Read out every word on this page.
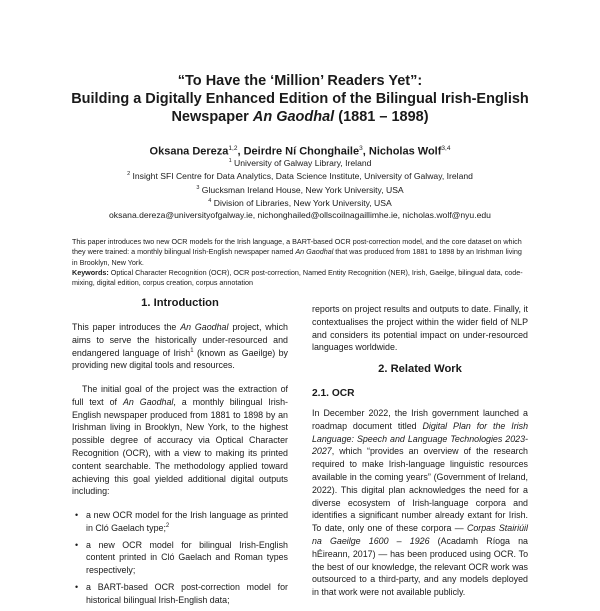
“To Have the ‘Million’ Readers Yet”:
Building a Digitally Enhanced Edition of the Bilingual Irish-English
Newspaper An Gaodhal (1881 – 1898)
Oksana Dereza$^{1,2}$, Deirdre Ní Chonghaile$^3$, Nicholas Wolf$^{3,4}$
$^1$ University of Galway Library, Ireland
$^2$ Insight SFI Centre for Data Analytics, Data Science Institute, University of Galway, Ireland
$^3$ Glucksman Ireland House, New York University, USA
$^4$ Division of Libraries, New York University, USA
oksana.dereza@universityofgalway.ie, nichonghailed@ollscoilnagaillimhe.ie, nicholas.wolf@nyu.edu
This paper introduces two new OCR models for the Irish language, a BART-based OCR post-correction model, and the core dataset on which they were trained: a monthly bilingual Irish-English newspaper named An Gaodhal that was produced from 1881 to 1898 by an Irishman living in Brooklyn, New York.
Keywords: Optical Character Recognition (OCR), OCR post-correction, Named Entity Recognition (NER), Irish, Gaeilge, bilingual data, code-mixing, digital edition, corpus creation, corpus annotation
1. Introduction
This paper introduces the An Gaodhal project, which aims to serve the historically under-resourced and endangered language of Irish$^1$ (known as Gaeilge) by providing new digital tools and resources.
The initial goal of the project was the extraction of full text of An Gaodhal, a monthly bilingual Irish-English newspaper produced from 1881 to 1898 by an Irishman living in Brooklyn, New York, to the highest possible degree of accuracy via Optical Character Recognition (OCR), with a view to making its printed content searchable. The methodology applied toward achieving this goal yielded additional digital outputs including:
• a new OCR model for the Irish language as printed in Cló Gaelach type;$^2$
• a new OCR model for bilingual Irish-English content printed in Cló Gaelach and Roman types respectively;
• a BART-based OCR post-correction model for historical bilingual Irish-English data;
reports on project results and outputs to date. Finally, it contextualises the project within the wider field of NLP and considers its potential impact on under-resourced languages worldwide.
2. Related Work
2.1. OCR
In December 2022, the Irish government launched a roadmap document titled Digital Plan for the Irish Language: Speech and Language Technologies 2023-2027, which “provides an overview of the research required to make Irish-language linguistic resources available in the coming years” (Government of Ireland, 2022). This digital plan acknowledges the need for a diverse ecosystem of Irish-language corpora and identifies a significant number already extant for Irish. To date, only one of these corpora — Corpas Stairiúil na Gaeilge 1600 – 1926 (Acadamh Ríoga na hÉireann, 2017) — has been produced using OCR. To the best of our knowledge, the relevant OCR work was outsourced to a third-party, and any models deployed in that work were not available publicly.
